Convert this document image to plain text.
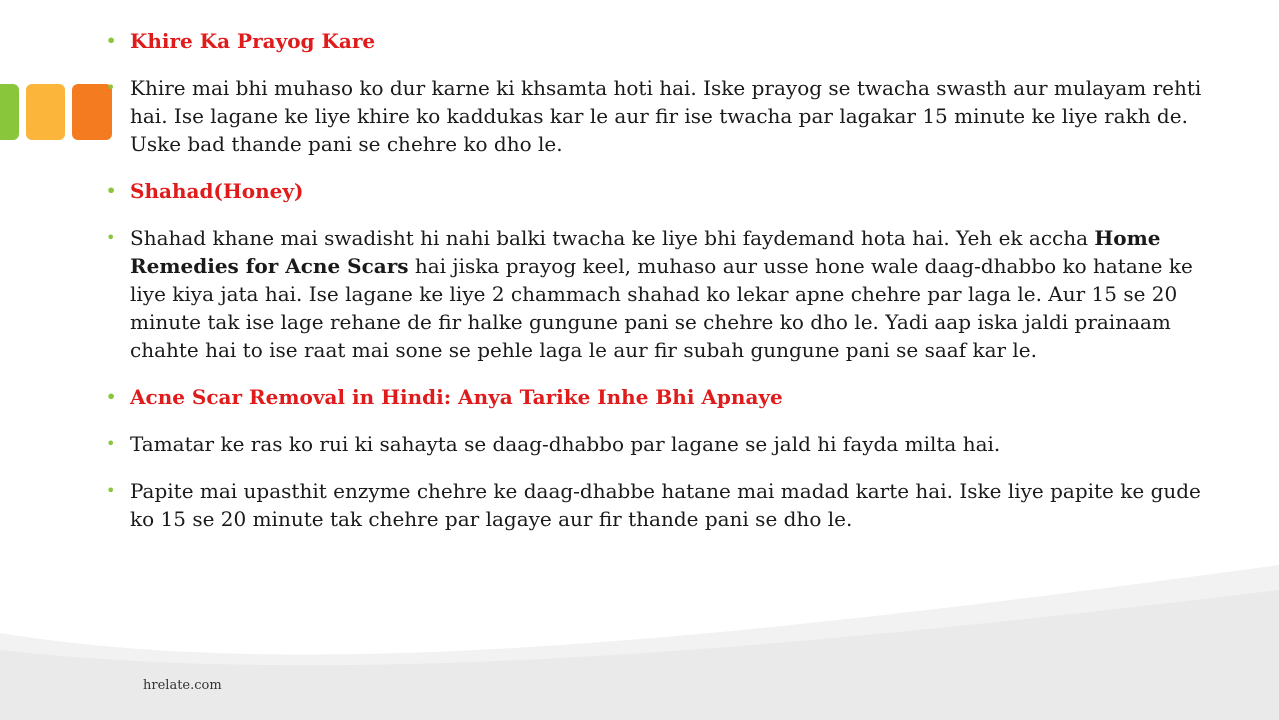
• Khire Ka Prayog Kare
• Khire mai bhi muhaso ko dur karne ki khsamta hoti hai. Iske prayog se twacha swasth aur mulayam rehti hai. Ise lagane ke liye khire ko kaddukas kar le aur fir ise twacha par lagakar 15 minute ke liye rakh de. Uske bad thande pani se chehre ko dho le.
• Shahad(Honey)
• Shahad khane mai swadisht hi nahi balki twacha ke liye bhi faydemand hota hai. Yeh ek accha Home Remedies for Acne Scars hai jiska prayog keel, muhaso aur usse hone wale daag-dhabbo ko hatane ke liye kiya jata hai. Ise lagane ke liye 2 chammach shahad ko lekar apne chehre par laga le. Aur 15 se 20 minute tak ise lage rehane de fir halke gungune pani se chehre ko dho le. Yadi aap iska jaldi prainaam chahte hai to ise raat mai sone se pehle laga le aur fir subah gungune pani se saaf kar le.
• Acne Scar Removal in Hindi: Anya Tarike Inhe Bhi Apnaye
• Tamatar ke ras ko rui ki sahayta se daag-dhabbo par lagane se jald hi fayda milta hai.
• Papite mai upasthit enzyme chehre ke daag-dhabbe hatane mai madad karte hai. Iske liye papite ke gude ko 15 se 20 minute tak chehre par lagaye aur fir thande pani se dho le.
hrelate.com
